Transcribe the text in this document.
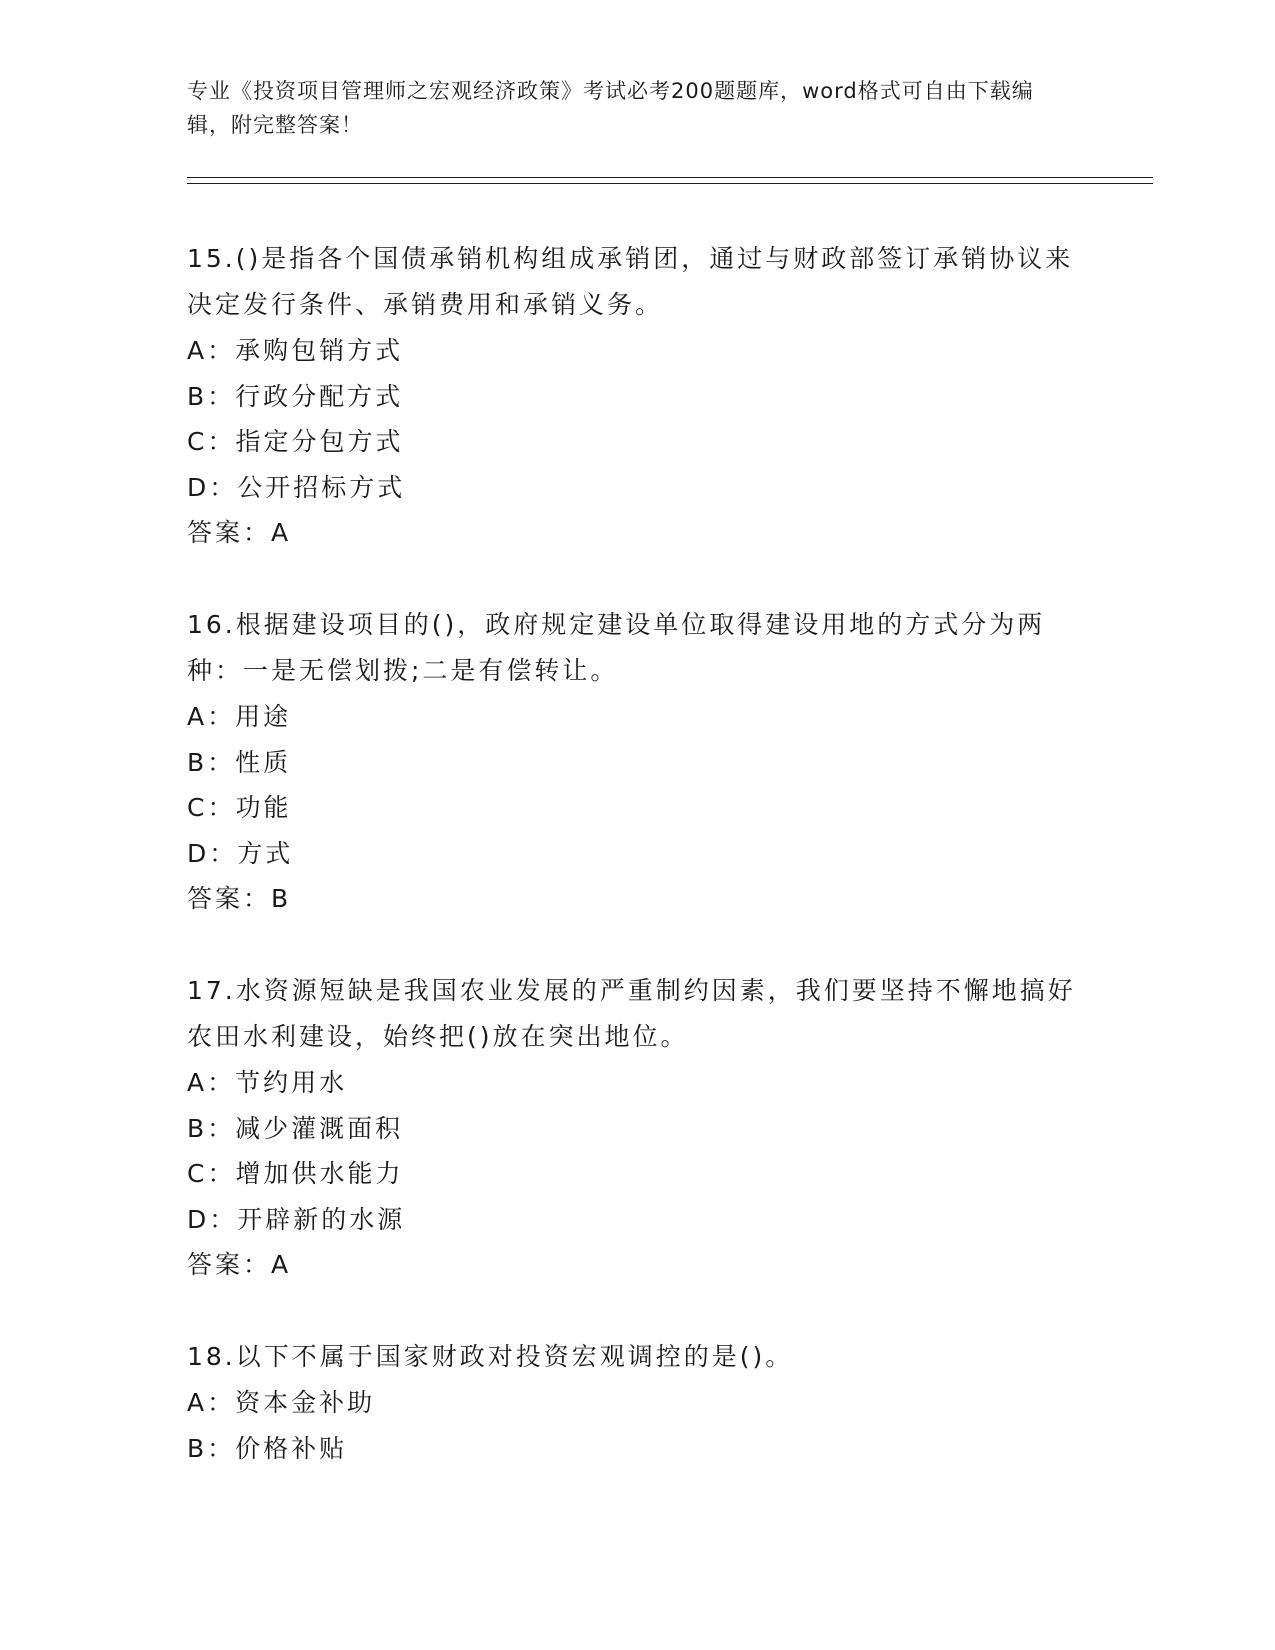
专业《投资项目管理师之宏观经济政策》考试必考200题题库，word格式可自由下载编辑，附完整答案！
15.()是指各个国债承销机构组成承销团，通过与财政部签订承销协议来决定发行条件、承销费用和承销义务。
A：承购包销方式
B：行政分配方式
C：指定分包方式
D：公开招标方式
答案：A
16.根据建设项目的()，政府规定建设单位取得建设用地的方式分为两种：一是无偿划拨;二是有偿转让。
A：用途
B：性质
C：功能
D：方式
答案：B
17.水资源短缺是我国农业发展的严重制约因素，我们要坚持不懈地搞好农田水利建设，始终把()放在突出地位。
A：节约用水
B：减少灌溉面积
C：增加供水能力
D：开辟新的水源
答案：A
18.以下不属于国家财政对投资宏观调控的是()。
A：资本金补助
B：价格补贴
